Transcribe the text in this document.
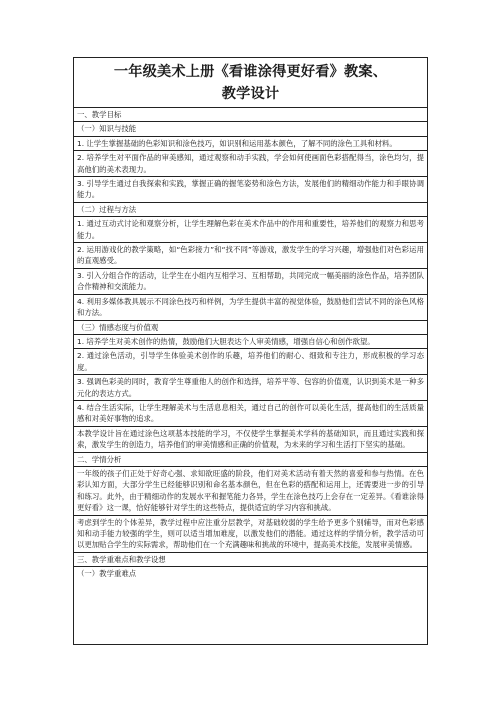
一年级美术上册《看谁涂得更好看》教案、
教学设计
一、教学目标
（一）知识与技能
1. 让学生掌握基础的色彩知识和涂色技巧，如识别和运用基本颜色，了解不同的涂色工具和材料。
2. 培养学生对平面作品的审美感知，通过观察和动手实践，学会如何使画面色彩搭配得当，涂色均匀，提高他们的美术表现力。
3. 引导学生通过自我探索和实践，掌握正确的握笔姿势和涂色方法，发展他们的精细动作能力和手眼协调能力。
（二）过程与方法
1. 通过互动式讨论和观察分析，让学生理解色彩在美术作品中的作用和重要性，培养他们的观察力和思考能力。
2. 运用游戏化的教学策略，如“色彩接力”和“找不同”等游戏，激发学生的学习兴趣，增强他们对色彩运用的直观感受。
3. 引入分组合作的活动，让学生在小组内互相学习、互相帮助，共同完成一幅美丽的涂色作品，培养团队合作精神和交流能力。
4. 利用多媒体教具展示不同涂色技巧和样例，为学生提供丰富的视觉体验，鼓励他们尝试不同的涂色风格和方法。
（三）情感态度与价值观
1. 培养学生对美术创作的热情，鼓励他们大胆表达个人审美情感，增强自信心和创作欲望。
2. 通过涂色活动，引导学生体验美术创作的乐趣，培养他们的耐心、细致和专注力，形成积极的学习态度。
3. 强调色彩美的同时，教育学生尊重他人的创作和选择，培养平等、包容的价值观，认识到美术是一种多元化的表达方式。
4. 结合生活实际，让学生理解美术与生活息息相关，通过自己的创作可以美化生活，提高他们的生活质量感和对美好事物的追求。
本教学设计旨在通过涂色这项基本技能的学习，不仅使学生掌握美术学科的基础知识，而且通过实践和探索，激发学生的创造力，培养他们的审美情感和正确的价值观，为未来的学习和生活打下坚实的基础。
二、学情分析
一年级的孩子们正处于好奇心强、求知欲旺盛的阶段，他们对美术活动有着天然的喜爱和参与热情。在色彩认知方面，大部分学生已经能够识别和命名基本颜色，但在色彩的搭配和运用上，还需要进一步的引导和练习。此外，由于精细动作的发展水平和握笔能力各异，学生在涂色技巧上会存在一定差异。《看谁涂得更好看》这一课，恰好能够针对学生的这些特点，提供适宜的学习内容和挑战。
考虑到学生的个体差异，教学过程中应注重分层教学，对基础较弱的学生给予更多个别辅导，而对色彩感知和动手能力较强的学生，则可以适当增加难度，以激发他们的潜能。通过这样的学情分析，教学活动可以更加贴合学生的实际需求，帮助他们在一个充满趣味和挑战的环境中，提高美术技能，发展审美情感。
三、教学重难点和教学设想
（一）教学重难点
